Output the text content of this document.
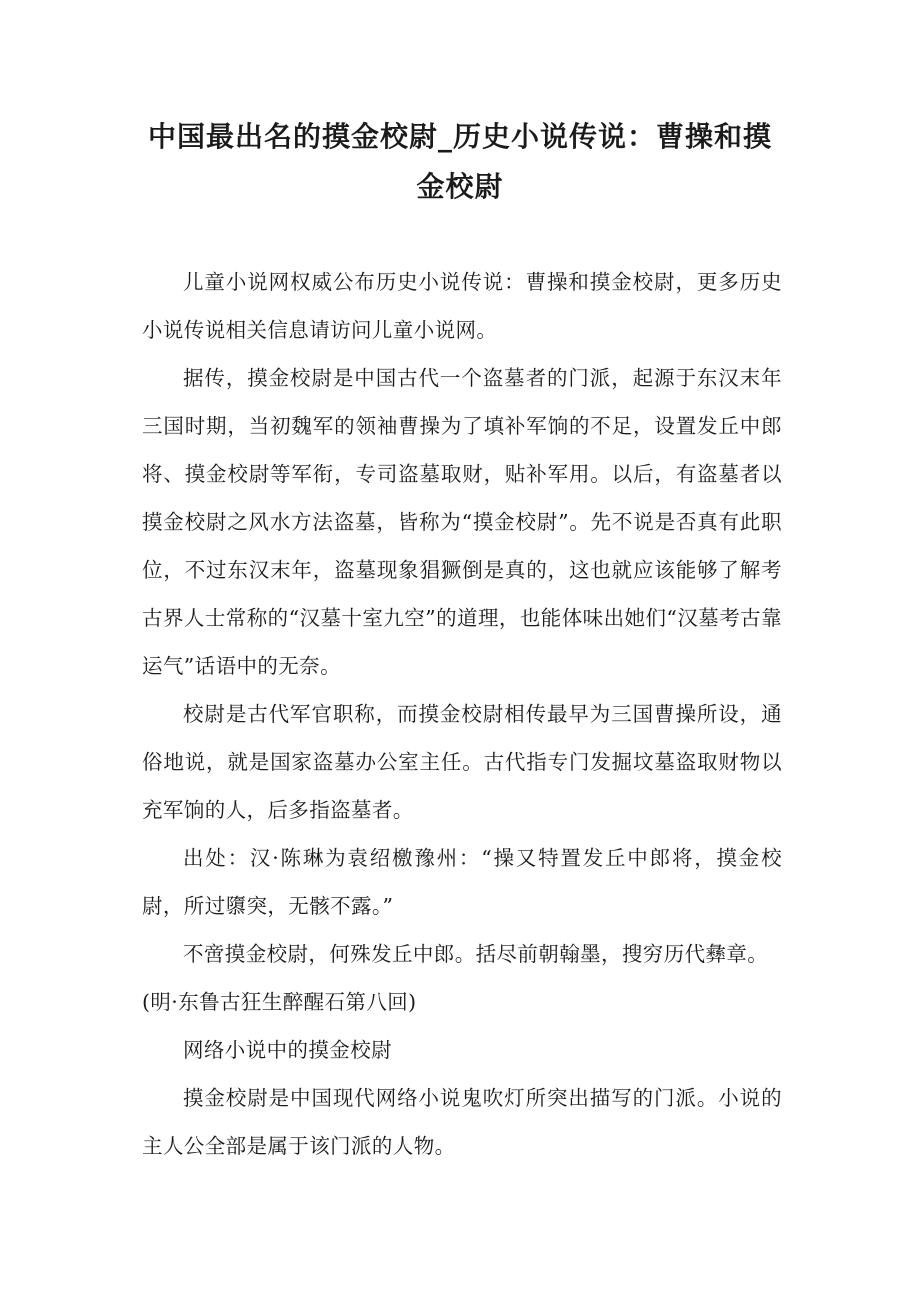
中国最出名的摸金校尉_历史小说传说：曹操和摸金校尉

儿童小说网权威公布历史小说传说：曹操和摸金校尉，更多历史小说传说相关信息请访问儿童小说网。

据传，摸金校尉是中国古代一个盗墓者的门派，起源于东汉末年三国时期，当初魏军的领袖曹操为了填补军饷的不足，设置发丘中郎将、摸金校尉等军衔，专司盗墓取财，贴补军用。以后，有盗墓者以摸金校尉之风水方法盗墓，皆称为“摸金校尉”。先不说是否真有此职位，不过东汉末年，盗墓现象猖獗倒是真的，这也就应该能够了解考古界人士常称的“汉墓十室九空”的道理，也能体味出她们“汉墓考古靠运气”话语中的无奈。

校尉是古代军官职称，而摸金校尉相传最早为三国曹操所设，通俗地说，就是国家盗墓办公室主任。古代指专门发掘坟墓盗取财物以充军饷的人，后多指盗墓者。

出处：汉·陈琳为袁绍檄豫州：“操又特置发丘中郎将，摸金校尉，所过隳突，无骸不露。”

不啻摸金校尉，何殊发丘中郎。括尽前朝翰墨，搜穷历代彝章。

(明·东鲁古狂生醉醒石第八回)

网络小说中的摸金校尉

摸金校尉是中国现代网络小说鬼吹灯所突出描写的门派。小说的主人公全部是属于该门派的人物。
